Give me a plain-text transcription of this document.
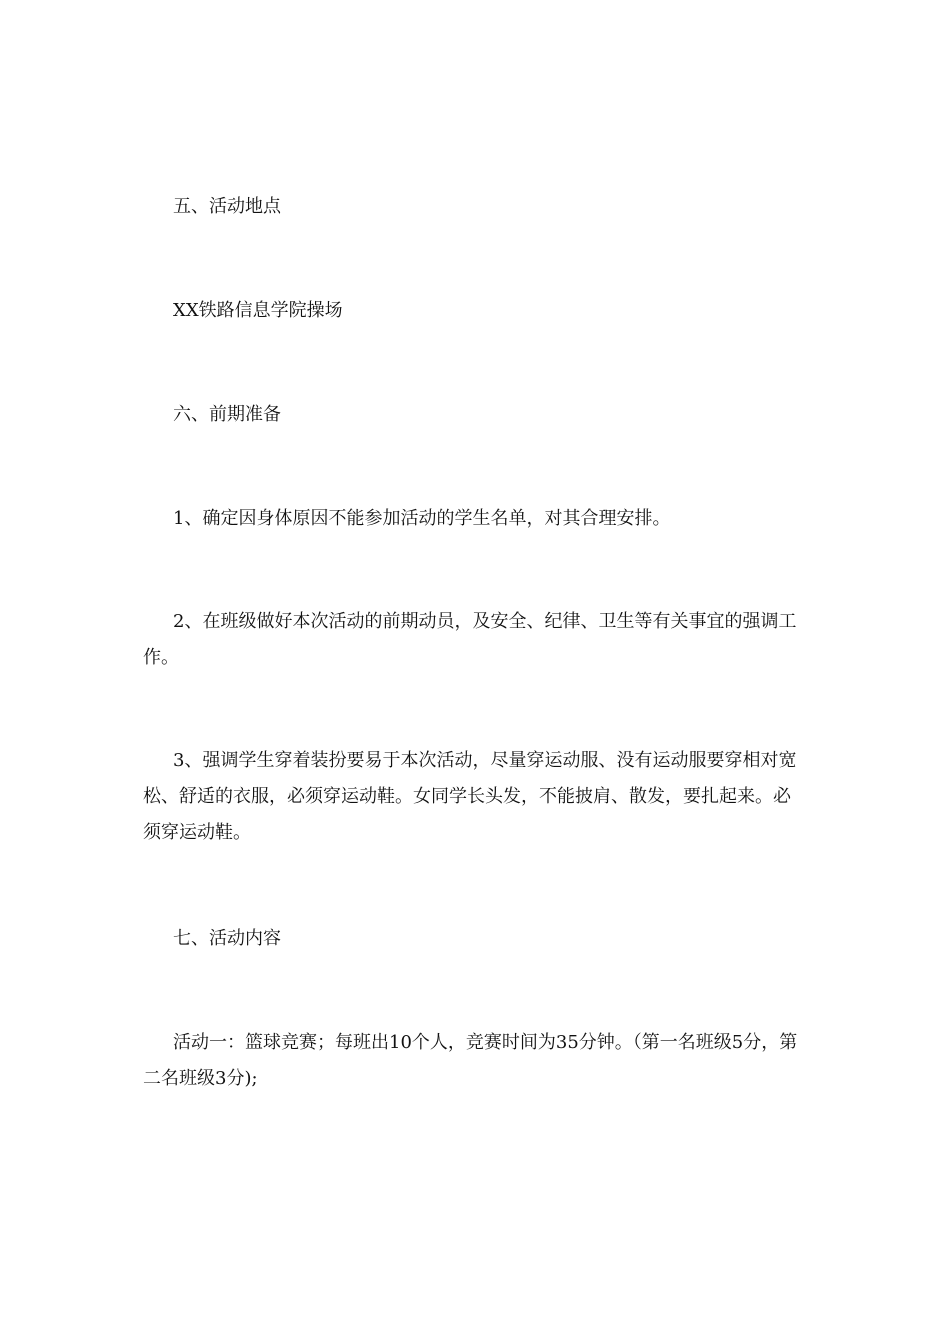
五、活动地点

XX铁路信息学院操场

六、前期准备

1、确定因身体原因不能参加活动的学生名单，对其合理安排。

2、在班级做好本次活动的前期动员，及安全、纪律、卫生等有关事宜的强调工作。

3、强调学生穿着装扮要易于本次活动，尽量穿运动服、没有运动服要穿相对宽松、舒适的衣服，必须穿运动鞋。女同学长头发，不能披肩、散发，要扎起来。必须穿运动鞋。

七、活动内容

活动一：篮球竞赛；每班出10个人，竞赛时间为35分钟。（第一名班级5分，第二名班级3分);
